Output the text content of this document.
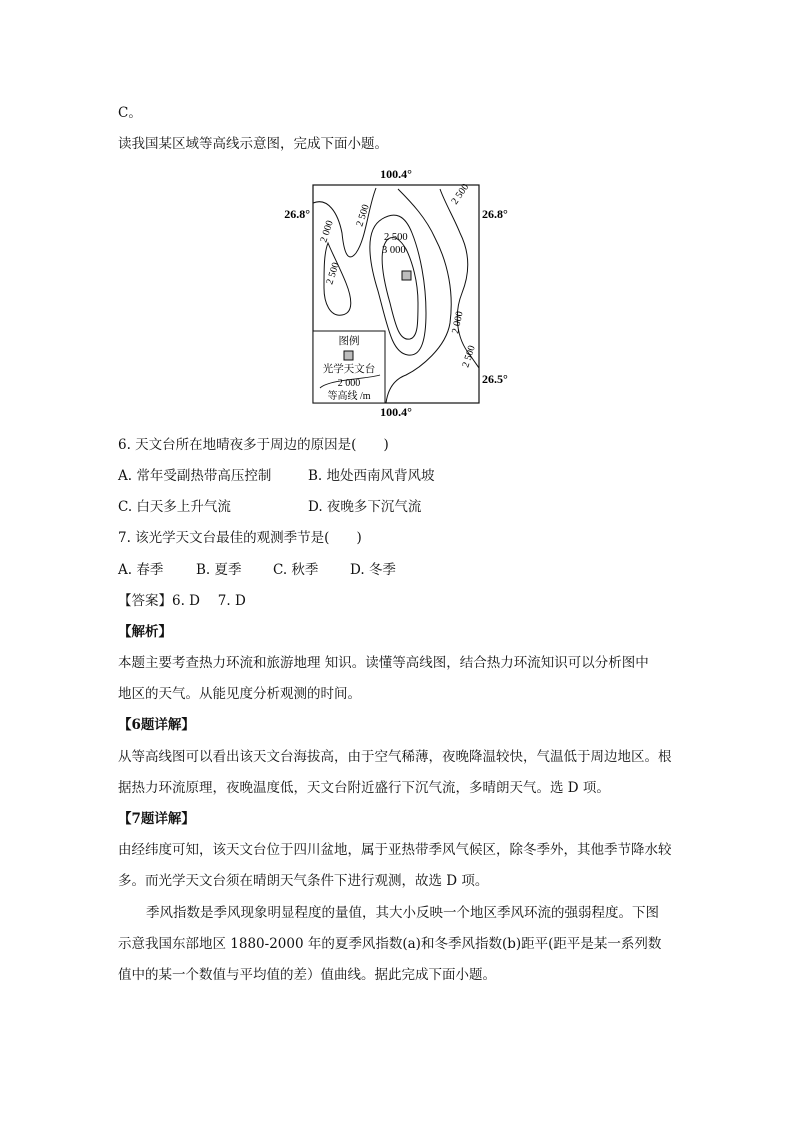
C。
读我国某区域等高线示意图，完成下面小题。
100.4°
100.4°
26.8°	26.8°
26.5°
2 000
2 500
2 500
2 500
3 000
2 000
2 500
2 500
图例
光学天文台
2 000
等高线 /m
6. 天文台所在地晴夜多于周边的原因是(　　)
A. 常年受副热带高压控制	B. 地处西南风背风坡
C. 白天多上升气流	D. 夜晚多下沉气流
7. 该光学天文台最佳的观测季节是(　　)
A. 春季 B. 夏季 C. 秋季 D. 冬季
【答案】6. D　 7. D
【解析】
本题主要考查热力环流和旅游地理 知识。读懂等高线图，结合热力环流知识可以分析图中
地区的天气。从能见度分析观测的时间。
【6题详解】
从等高线图可以看出该天文台海拔高，由于空气稀薄，夜晚降温较快，气温低于周边地区。根
据热力环流原理，夜晚温度低，天文台附近盛行下沉气流，多晴朗天气。选 D 项。
【7题详解】
由经纬度可知，该天文台位于四川盆地，属于亚热带季风气候区，除冬季外，其他季节降水较
多。而光学天文台须在晴朗天气条件下进行观测，故选 D 项。
季风指数是季风现象明显程度的量值，其大小反映一个地区季风环流的强弱程度。下图
示意我国东部地区 1880-2000 年的夏季风指数(a)和冬季风指数(b)距平(距平是某一系列数
值中的某一个数值与平均值的差）值曲线。据此完成下面小题。
